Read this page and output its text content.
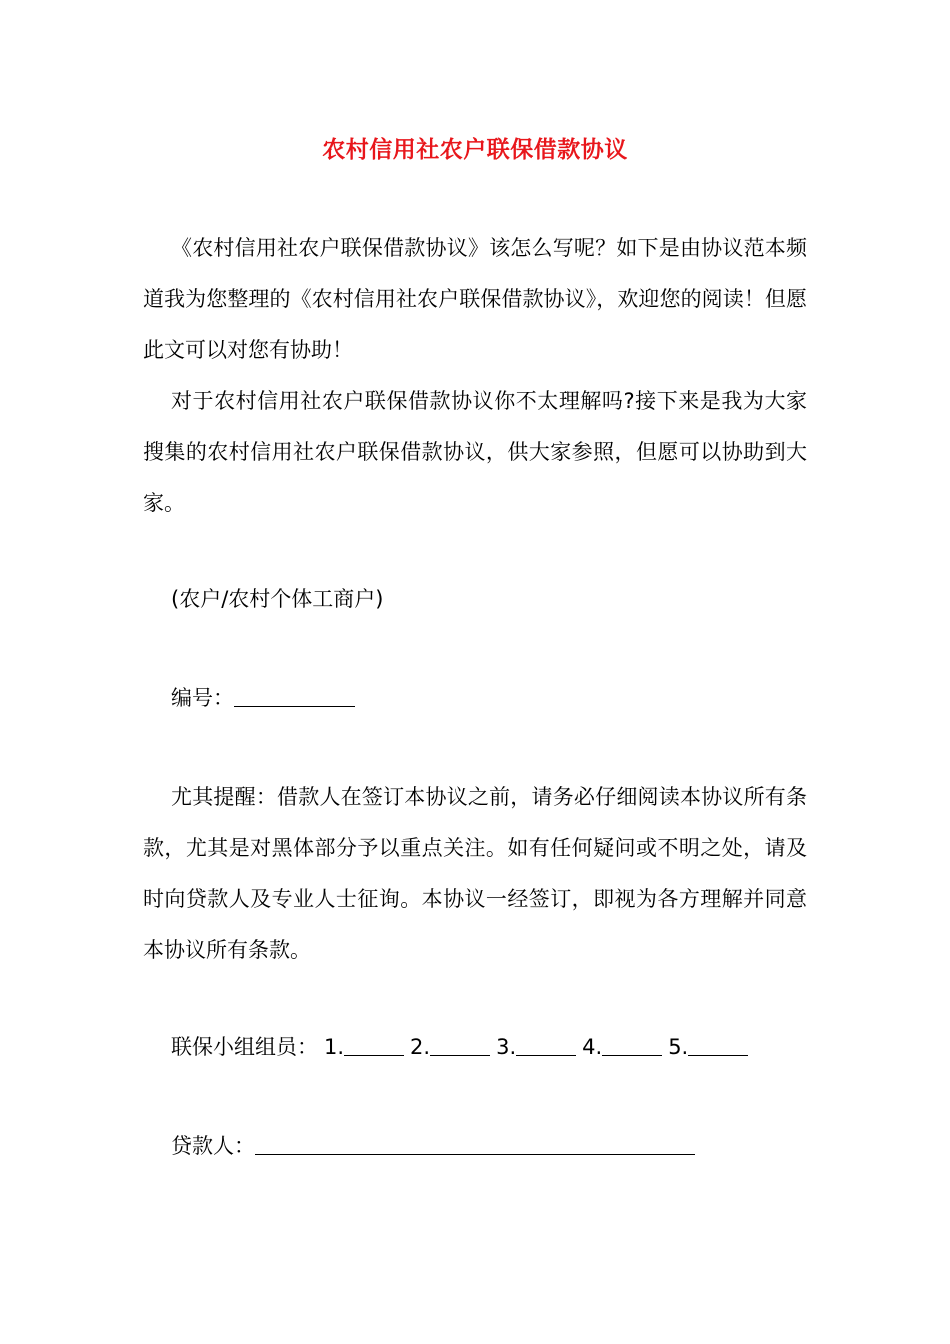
农村信用社农户联保借款协议

《农村信用社农户联保借款协议》该怎么写呢？如下是由协议范本频道我为您整理的《农村信用社农户联保借款协议》，欢迎您的阅读！但愿此文可以对您有协助！

对于农村信用社农户联保借款协议你不太理解吗?接下来是我为大家搜集的农村信用社农户联保借款协议，供大家参照，但愿可以协助到大家。

(农户/农村个体工商户)

编号：

尤其提醒：借款人在签订本协议之前，请务必仔细阅读本协议所有条款，尤其是对黑体部分予以重点关注。如有任何疑问或不明之处，请及时向贷款人及专业人士征询。本协议一经签订，即视为各方理解并同意本协议所有条款。

联保小组组员： 1.	2.	3.	4.	5.
贷款人：
